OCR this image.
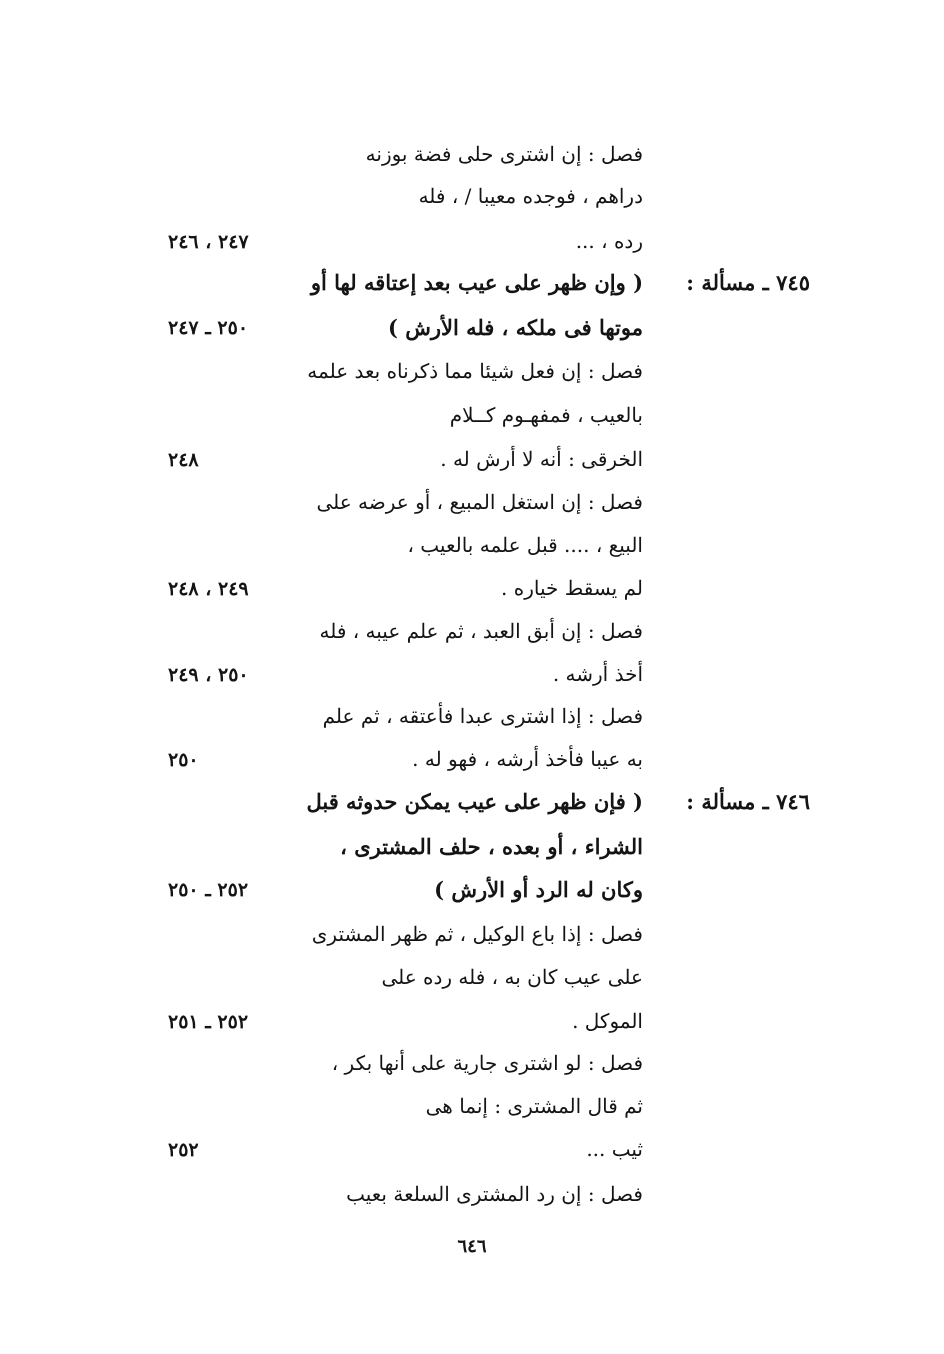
فصل : إن اشترى حلى فضة بوزنه
دراهم ، فوجده معيبا / ، فله
رده ، ...
٢٤٧ ، ٢٤٦
٧٤٥ ـ مسألة :
( وإن ظهر على عيب بعد إعتاقه لها أو
موتها فى ملكه ، فله الأرش )
٢٥٠ ـ ٢٤٧
فصل : إن فعل شيئا مما ذكرناه بعد علمه
بالعيب ، فمفهـوم كــلام
الخرقى : أنه لا أرش له .
٢٤٨
فصل : إن استغل المبيع ، أو عرضه على
البيع ، .... قبل علمه بالعيب ،
لم يسقط خياره .
٢٤٩ ، ٢٤٨
فصل : إن أبق العبد ، ثم علم عيبه ، فله
أخذ أرشه .
٢٥٠ ، ٢٤٩
فصل : إذا اشترى عبدا فأعتقه ، ثم علم
به عيبا فأخذ أرشه ، فهو له .
٢٥٠
٧٤٦ ـ مسألة :
( فإن ظهر على عيب يمكن حدوثه قبل
الشراء ، أو بعده ، حلف المشترى ،
وكان له الرد أو الأرش )
٢٥٢ ـ ٢٥٠
فصل : إذا باع الوكيل ، ثم ظهر المشترى
على عيب كان به ، فله رده على
الموكل .
٢٥٢ ـ ٢٥١
فصل : لو اشترى جارية على أنها بكر ،
ثم قال المشترى : إنما هى
ثيب ...
٢٥٢
فصل : إن رد المشترى السلعة بعيب
٦٤٦
